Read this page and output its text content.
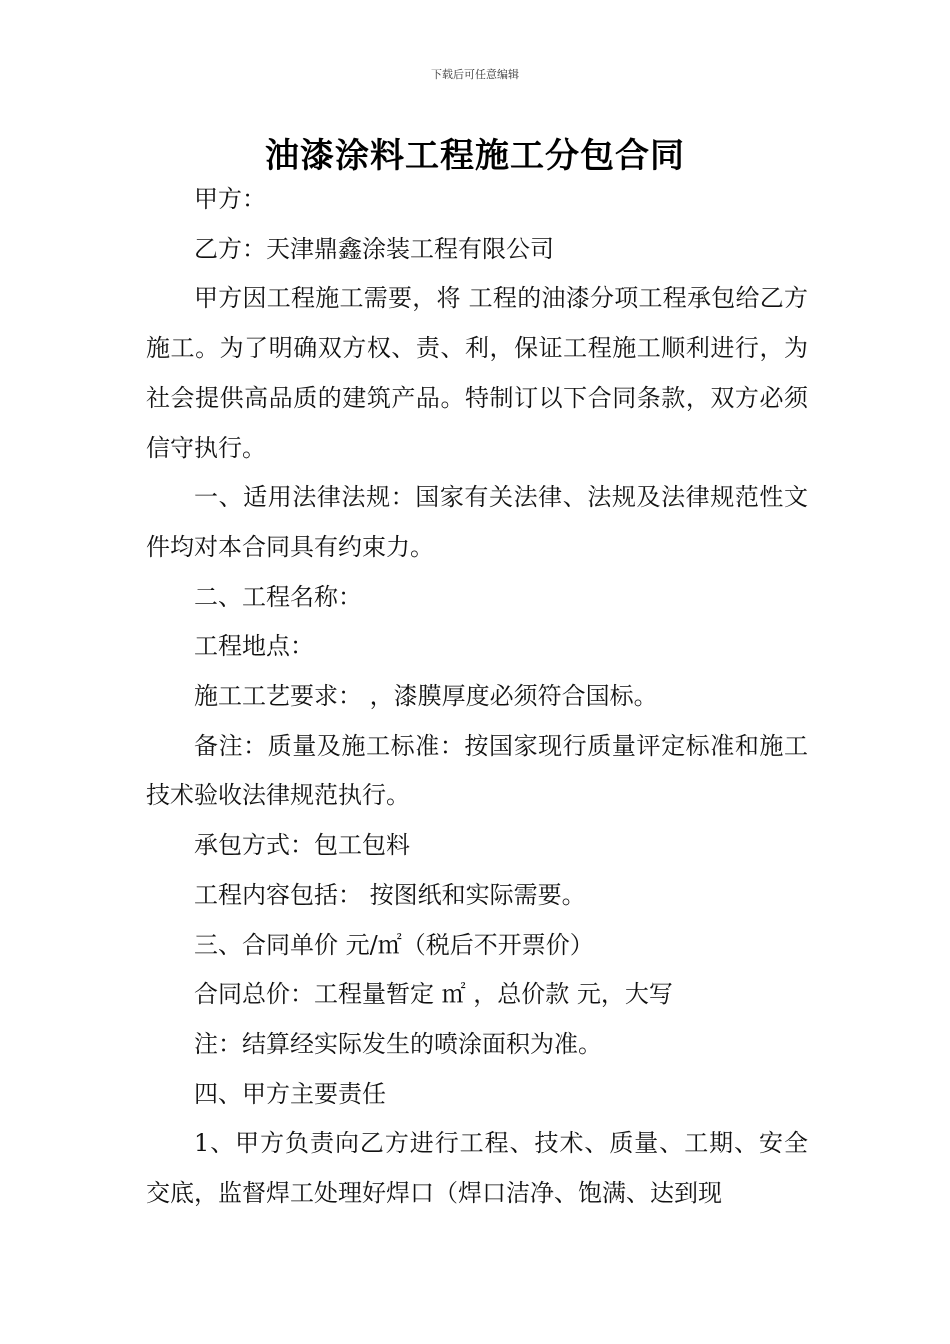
下载后可任意编辑
油漆涂料工程施工分包合同

甲方：

乙方：天津鼎鑫涂装工程有限公司

甲方因工程施工需要，将 工程的油漆分项工程承包给乙方施工。为了明确双方权、责、利，保证工程施工顺利进行，为社会提供高品质的建筑产品。特制订以下合同条款，双方必须信守执行。

一、适用法律法规：国家有关法律、法规及法律规范性文件均对本合同具有约束力。

二、工程名称：

工程地点：

施工工艺要求： ，漆膜厚度必须符合国标。

备注：质量及施工标准：按国家现行质量评定标准和施工技术验收法律规范执行。

承包方式：包工包料

工程内容包括： 按图纸和实际需要。

三、合同单价 元/㎡（税后不开票价）

合同总价：工程量暂定 ㎡ ，总价款 元，大写

注：结算经实际发生的喷涂面积为准。

四、甲方主要责任

1、甲方负责向乙方进行工程、技术、质量、工期、安全交底，监督焊工处理好焊口（焊口洁净、饱满、达到现
